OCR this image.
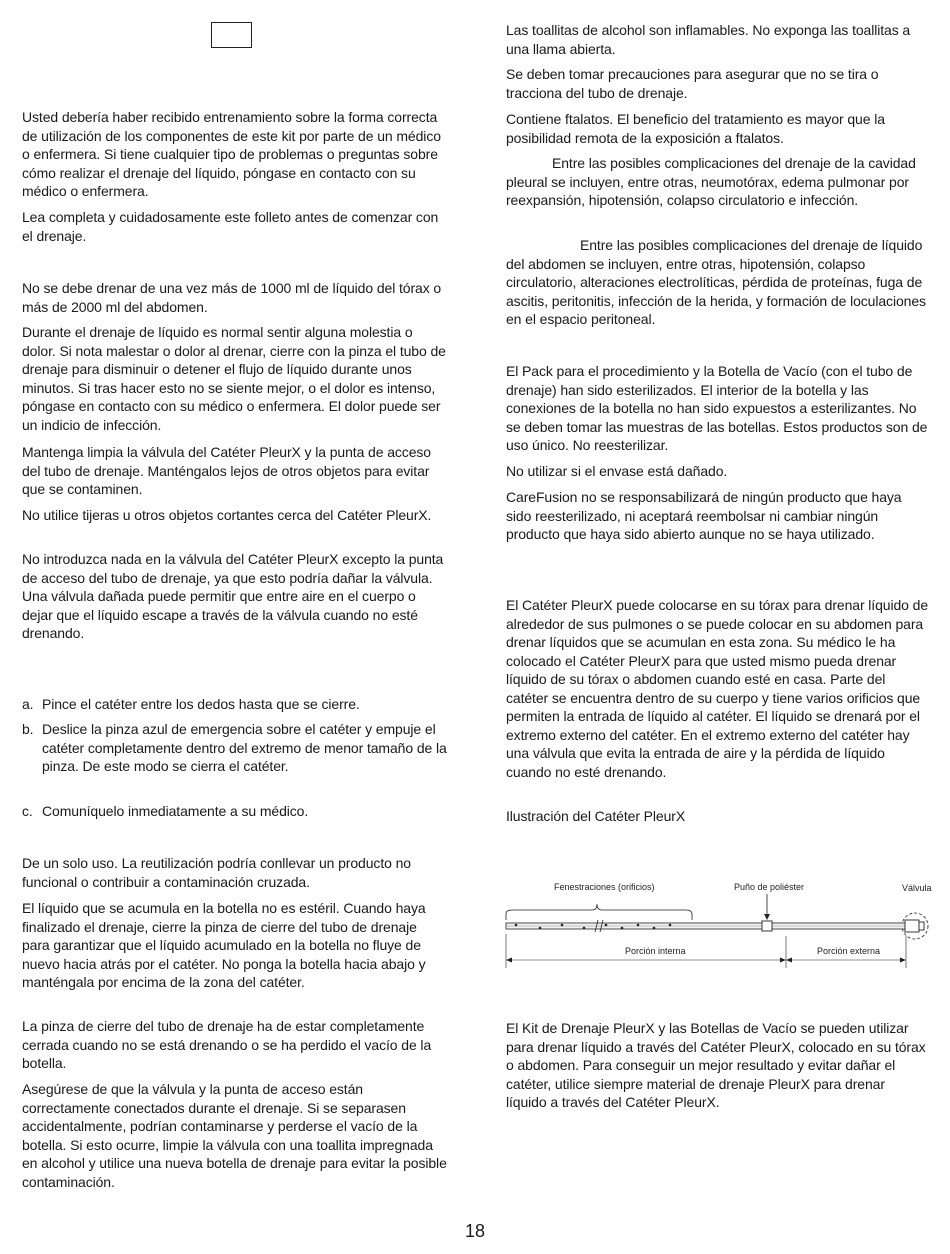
Usted debería haber recibido entrenamiento sobre la forma correcta de utilización de los componentes de este kit por parte de un médico o enfermera. Si tiene cualquier tipo de problemas o preguntas sobre cómo realizar el drenaje del líquido, póngase en contacto con su médico o enfermera.

Lea completa y cuidadosamente este folleto antes de comenzar con el drenaje.

No se debe drenar de una vez más de 1000 ml de líquido del tórax o más de 2000 ml del abdomen.

Durante el drenaje de líquido es normal sentir alguna molestia o dolor. Si nota malestar o dolor al drenar, cierre con la pinza el tubo de drenaje para disminuir o detener el flujo de líquido durante unos minutos. Si tras hacer esto no se siente mejor, o el dolor es intenso, póngase en contacto con su médico o enfermera. El dolor puede ser un indicio de infección.

Mantenga limpia la válvula del Catéter PleurX y la punta de acceso del tubo de drenaje. Manténgalos lejos de otros objetos para evitar que se contaminen.

No utilice tijeras u otros objetos cortantes cerca del Catéter PleurX.

No introduzca nada en la válvula del Catéter PleurX excepto la punta de acceso del tubo de drenaje, ya que esto podría dañar la válvula. Una válvula dañada puede permitir que entre aire en el cuerpo o dejar que el líquido escape a través de la válvula cuando no esté drenando.

a. Pince el catéter entre los dedos hasta que se cierre.

b. Deslice la pinza azul de emergencia sobre el catéter y empuje el catéter completamente dentro del extremo de menor tamaño de la pinza. De este modo se cierra el catéter.

c. Comuníquelo inmediatamente a su médico.

De un solo uso. La reutilización podría conllevar un producto no funcional o contribuir a contaminación cruzada.

El líquido que se acumula en la botella no es estéril. Cuando haya finalizado el drenaje, cierre la pinza de cierre del tubo de drenaje para garantizar que el líquido acumulado en la botella no fluye de nuevo hacia atrás por el catéter. No ponga la botella hacia abajo y manténgala por encima de la zona del catéter.

La pinza de cierre del tubo de drenaje ha de estar completamente cerrada cuando no se está drenando o se ha perdido el vacío de la botella.

Asegúrese de que la válvula y la punta de acceso están correctamente conectados durante el drenaje. Si se separasen accidentalmente, podrían contaminarse y perderse el vacío de la botella. Si esto ocurre, limpie la válvula con una toallita impregnada en alcohol y utilice una nueva botella de drenaje para evitar la posible contaminación.

Las toallitas de alcohol son inflamables. No exponga las toallitas a una llama abierta.

Se deben tomar precauciones para asegurar que no se tira o tracciona del tubo de drenaje.

Contiene ftalatos. El beneficio del tratamiento es mayor que la posibilidad remota de la exposición a ftalatos.

Entre las posibles complicaciones del drenaje de la cavidad pleural se incluyen, entre otras, neumotórax, edema pulmonar por reexpansión, hipotensión, colapso circulatorio e infección.

Entre las posibles complicaciones del drenaje de líquido del abdomen se incluyen, entre otras, hipotensión, colapso circulatorio, alteraciones electrolíticas, pérdida de proteínas, fuga de ascitis, peritonitis, infección de la herida, y formación de loculaciones en el espacio peritoneal.

El Pack para el procedimiento y la Botella de Vacío (con el tubo de drenaje) han sido esterilizados. El interior de la botella y las conexiones de la botella no han sido expuestos a esterilizantes. No se deben tomar las muestras de las botellas. Estos productos son de uso único. No reesterilizar.

No utilizar si el envase está dañado.

CareFusion no se responsabilizará de ningún producto que haya sido reesterilizado, ni aceptará reembolsar ni cambiar ningún producto que haya sido abierto aunque no se haya utilizado.

El Catéter PleurX puede colocarse en su tórax para drenar líquido de alrededor de sus pulmones o se puede colocar en su abdomen para drenar líquidos que se acumulan en esta zona. Su médico le ha colocado el Catéter PleurX para que usted mismo pueda drenar líquido de su tórax o abdomen cuando esté en casa. Parte del catéter se encuentra dentro de su cuerpo y tiene varios orificios que permiten la entrada de líquido al catéter. El líquido se drenará por el extremo externo del catéter. En el extremo externo del catéter hay una válvula que evita la entrada de aire y la pérdida de líquido cuando no esté drenando.

Ilustración del Catéter PleurX

El Kit de Drenaje PleurX y las Botellas de Vacío se pueden utilizar para drenar líquido a través del Catéter PleurX, colocado en su tórax o abdomen. Para conseguir un mejor resultado y evitar dañar el catéter, utilice siempre material de drenaje PleurX para drenar líquido a través del Catéter PleurX.

Fenestraciones (orificios)	Puño de poliéster	Válvula
Porción interna	Porción externa
18
